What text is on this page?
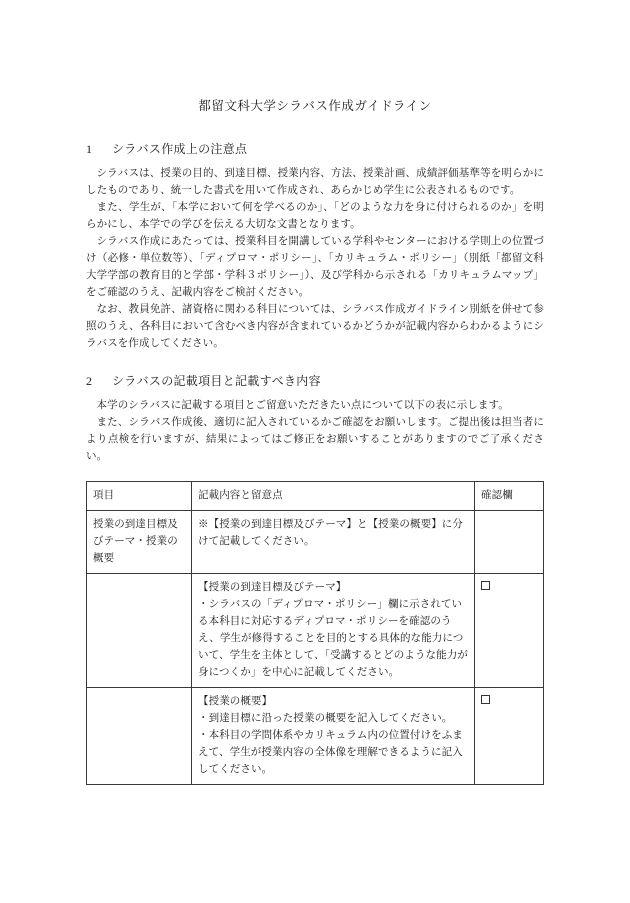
都留文科大学シラバス作成ガイドライン
1 シラバス作成上の注意点

シラバスは、授業の目的、到達目標、授業内容、方法、授業計画、成績評価基準等を明らかにしたものであり、統一した書式を用いて作成され、あらかじめ学生に公表されるものです。

また、学生が、「本学において何を学べるのか」、「どのような力を身に付けられるのか」を明らかにし、本学での学びを伝える大切な文書となります。

シラバス作成にあたっては、授業科目を開講している学科やセンターにおける学則上の位置づけ（必修・単位数等）、「ディプロマ・ポリシー」、「カリキュラム・ポリシー」（別紙「都留文科大学学部の教育目的と学部・学科３ポリシー」）、及び学科から示される「カリキュラムマップ」をご確認のうえ、記載内容をご検討ください。

なお、教員免許、諸資格に関わる科目については、シラバス作成ガイドライン別紙を併せて参照のうえ、各科目において含むべき内容が含まれているかどうかが記載内容からわかるようにシラバスを作成してください。

2 シラバスの記載項目と記載すべき内容

本学のシラバスに記載する項目とご留意いただきたい点について以下の表に示します。

また、シラバス作成後、適切に記入されているかご確認をお願いします。ご提出後は担当者により点検を行いますが、結果によってはご修正をお願いすることがありますのでご了承ください。

項目	記載内容と留意点	確認欄
授業の到達目標及びテーマ・授業の概要	※【授業の到達目標及びテーマ】と【授業の概要】に分けて記載してください。	

	【授業の到達目標及びテーマ】

・シラバスの「ディプロマ・ポリシー」欄に示されている本科目に対応するディプロマ・ポリシーを確認のうえ、学生が修得することを目的とする具体的な能力について、学生を主体として、「受講するとどのような能力が身につくか」を中心に記載してください。	

	【授業の概要】

・到達目標に沿った授業の概要を記入してください。

・本科目の学問体系やカリキュラム内の位置付けをふまえて、学生が授業内容の全体像を理解できるように記入してください。	
